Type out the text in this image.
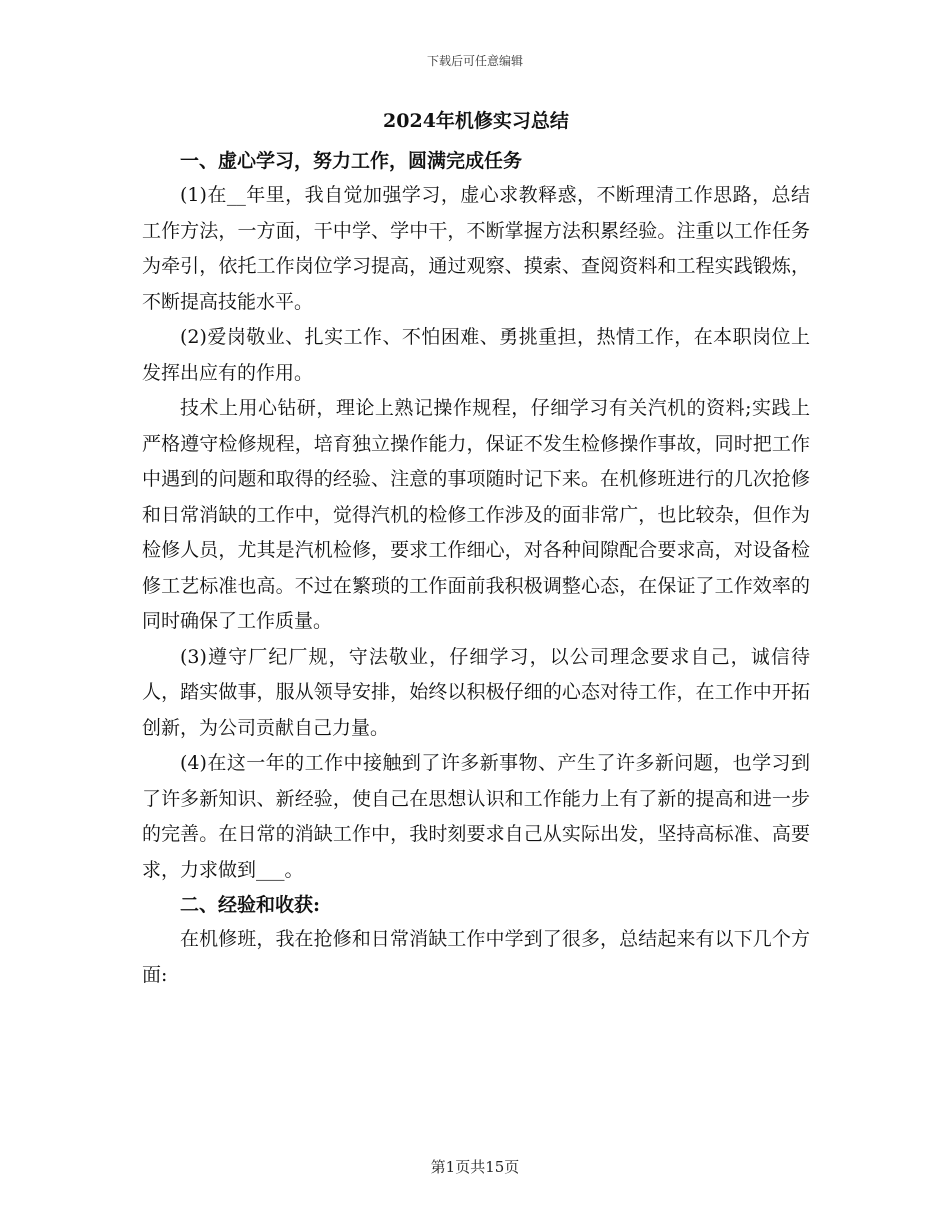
下载后可任意编辑

2024年机修实习总结

一、虚心学习，努力工作，圆满完成任务

(1)在__年里，我自觉加强学习，虚心求教释惑，不断理清工作思路，总结工作方法，一方面，干中学、学中干，不断掌握方法积累经验。注重以工作任务为牵引，依托工作岗位学习提高，通过观察、摸索、查阅资料和工程实践锻炼，不断提高技能水平。

(2)爱岗敬业、扎实工作、不怕困难、勇挑重担，热情工作，在本职岗位上发挥出应有的作用。

技术上用心钻研，理论上熟记操作规程，仔细学习有关汽机的资料;实践上严格遵守检修规程，培育独立操作能力，保证不发生检修操作事故，同时把工作中遇到的问题和取得的经验、注意的事项随时记下来。在机修班进行的几次抢修和日常消缺的工作中，觉得汽机的检修工作涉及的面非常广，也比较杂，但作为检修人员，尤其是汽机检修，要求工作细心，对各种间隙配合要求高，对设备检修工艺标准也高。不过在繁琐的工作面前我积极调整心态，在保证了工作效率的同时确保了工作质量。

(3)遵守厂纪厂规，守法敬业，仔细学习，以公司理念要求自己，诚信待人，踏实做事，服从领导安排，始终以积极仔细的心态对待工作，在工作中开拓创新，为公司贡献自己力量。

(4)在这一年的工作中接触到了许多新事物、产生了许多新问题，也学习到了许多新知识、新经验，使自己在思想认识和工作能力上有了新的提高和进一步的完善。在日常的消缺工作中，我时刻要求自己从实际出发，坚持高标准、高要求，力求做到___。

二、经验和收获:

在机修班，我在抢修和日常消缺工作中学到了很多，总结起来有以下几个方面:

第1页共15页
